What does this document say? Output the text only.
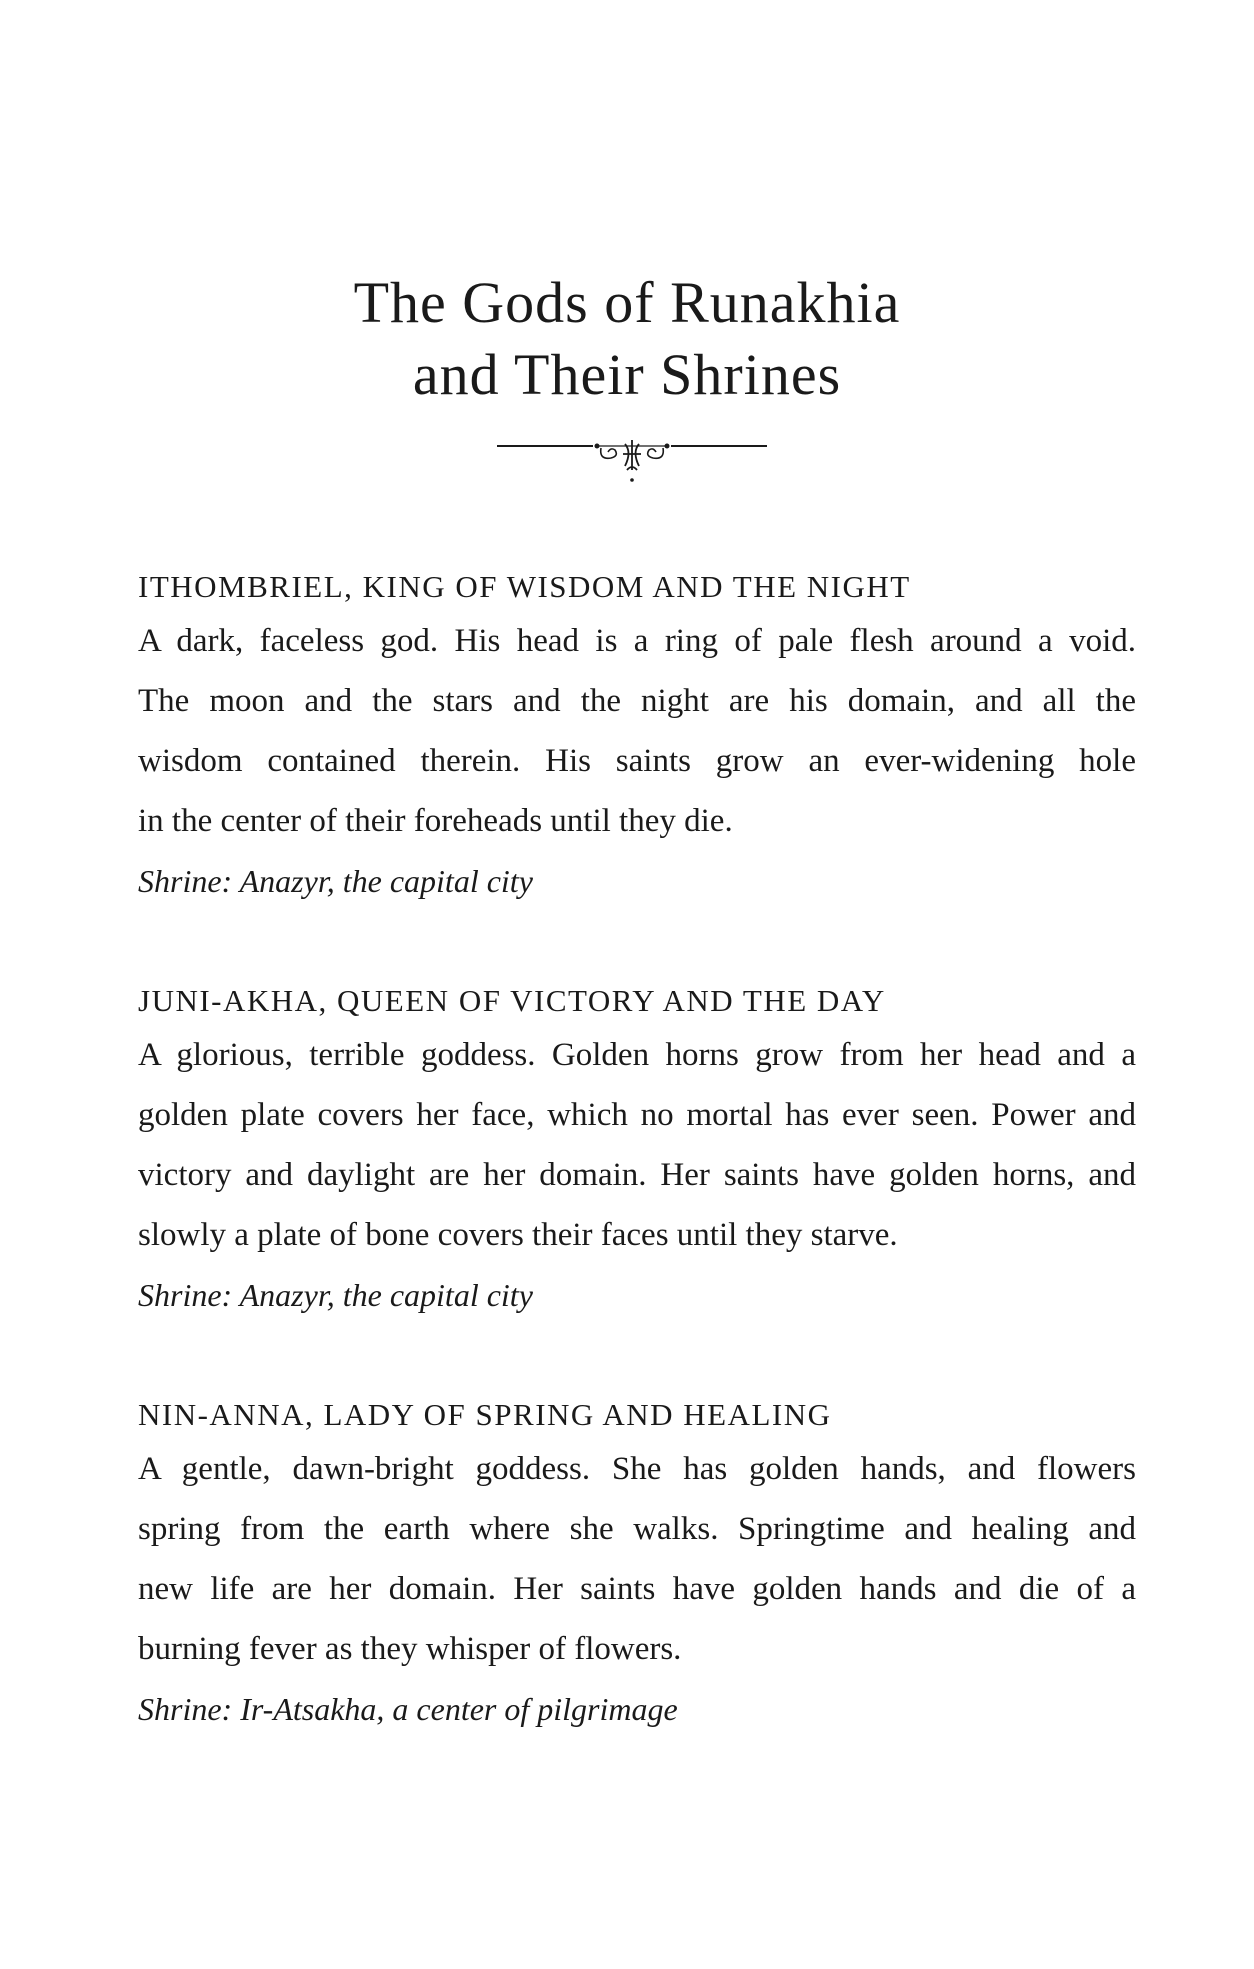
The Gods of Runakhia
and Their Shrines
ITHOMBRIEL, KING OF WISDOM AND THE NIGHT
A dark, faceless god. His head is a ring of pale flesh around a void.
The moon and the stars and the night are his domain, and all the
wisdom contained therein. His saints grow an ever-widening hole
in the center of their foreheads until they die.
Shrine: Anazyr, the capital city
JUNI-AKHA, QUEEN OF VICTORY AND THE DAY
A glorious, terrible goddess. Golden horns grow from her head and a
golden plate covers her face, which no mortal has ever seen. Power and
victory and daylight are her domain. Her saints have golden horns, and
slowly a plate of bone covers their faces until they starve.
Shrine: Anazyr, the capital city
NIN-ANNA, LADY OF SPRING AND HEALING
A gentle, dawn-bright goddess. She has golden hands, and flowers
spring from the earth where she walks. Springtime and healing and
new life are her domain. Her saints have golden hands and die of a
burning fever as they whisper of flowers.
Shrine: Ir-Atsakha, a center of pilgrimage
